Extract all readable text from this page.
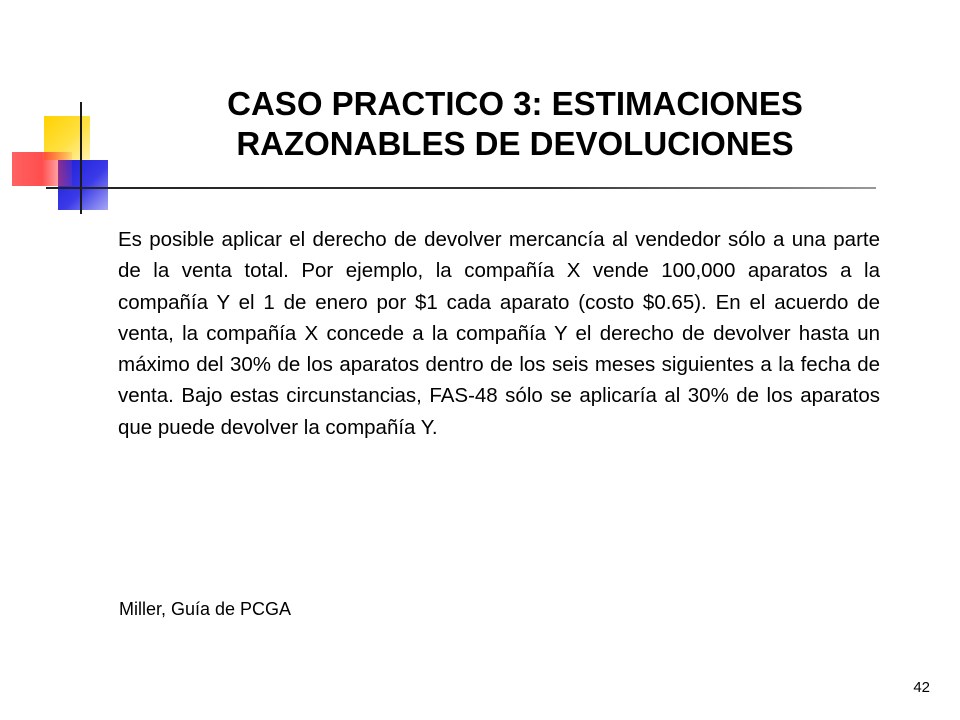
CASO PRACTICO 3: ESTIMACIONES
RAZONABLES DE DEVOLUCIONES

Es posible aplicar el derecho de devolver mercancía al vendedor sólo a una parte de la venta total. Por ejemplo, la compañía X vende 100,000 aparatos a la compañía Y el 1 de enero por $1 cada aparato (costo $0.65). En el acuerdo de venta, la compañía X concede a la compañía Y el derecho de devolver hasta un máximo del 30% de los aparatos dentro de los seis meses siguientes a la fecha de venta. Bajo estas circunstancias, FAS-48 sólo se aplicaría al 30% de los aparatos que puede devolver la compañía Y.

Miller, Guía de PCGA
42
